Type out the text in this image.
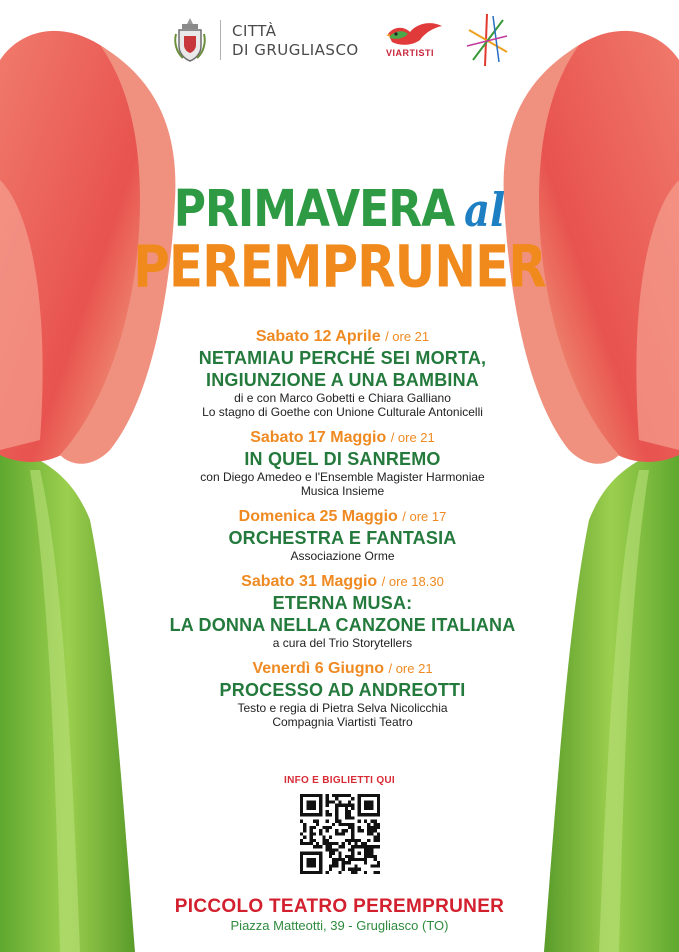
CITTÀ
DI GRUGLIASCO	VIARTISTI
PRIMAVERA al
PEREMPRUNER
Sabato 12 Aprile / ore 21
NETAMIAU PERCHÉ SEI MORTA,
INGIUNZIONE A UNA BAMBINA
di e con Marco Gobetti e Chiara Galliano
Lo stagno di Goethe con Unione Culturale Antonicelli
Sabato 17 Maggio / ore 21
IN QUEL DI SANREMO
con Diego Amedeo e l'Ensemble Magister Harmoniae
Musica Insieme
Domenica 25 Maggio / ore 17
ORCHESTRA E FANTASIA
Associazione Orme
Sabato 31 Maggio / ore 18.30
ETERNA MUSA:
LA DONNA NELLA CANZONE ITALIANA
a cura del Trio Storytellers
Venerdì 6 Giugno / ore 21
PROCESSO AD ANDREOTTI
Testo e regia di Pietra Selva Nicolicchia
Compagnia Viartisti Teatro
INFO E BIGLIETTI QUI
PICCOLO TEATRO PEREMPRUNER
Piazza Matteotti, 39 - Grugliasco (TO)
